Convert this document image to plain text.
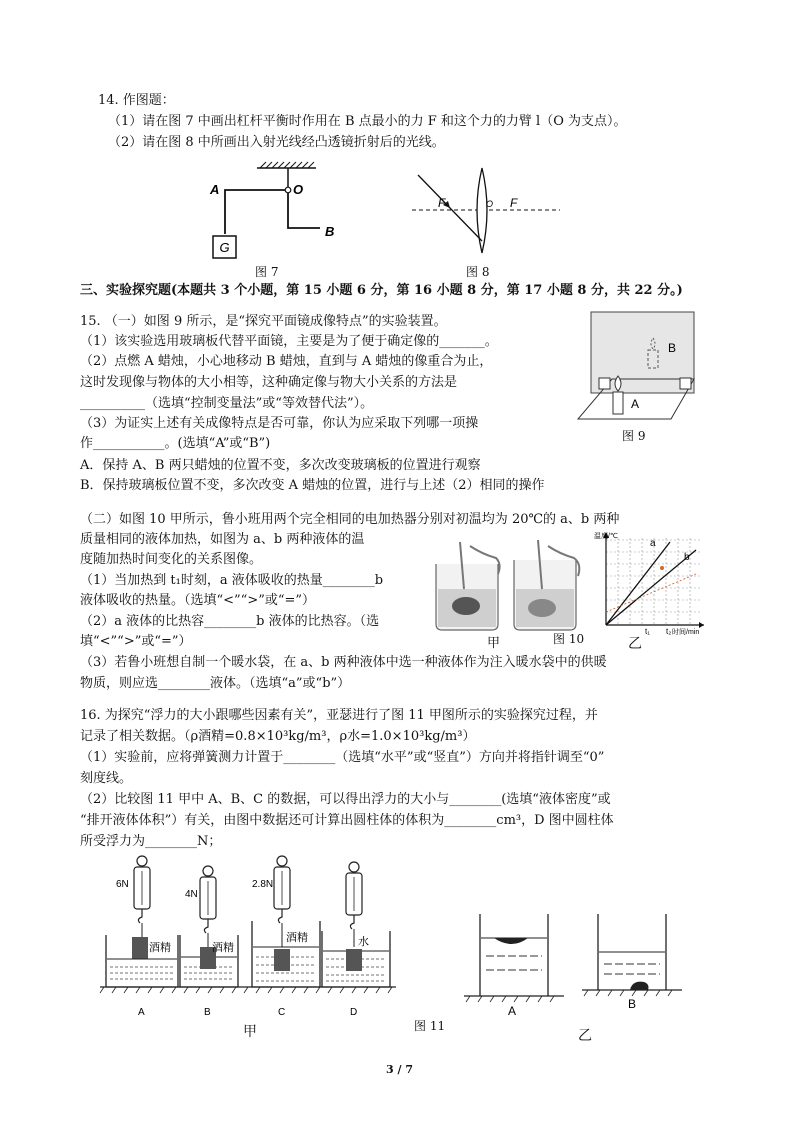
14. 作图题：
（1）请在图 7 中画出杠杆平衡时作用在 B 点最小的力 F 和这个力的力臂 l（O 为支点）。
（2）请在图 8 中所画出入射光线经凸透镜折射后的光线。
G
A	O
B
图 7
F	O F
图 8
三、实验探究题(本题共 3 个小题，第 15 小题 6 分，第 16 小题 8 分，第 17 小题 8 分，共 22 分。)
15. （一）如图 9 所示，是“探究平面镜成像特点”的实验装置。
（1）该实验选用玻璃板代替平面镜，主要是为了便于确定像的_______。
（2）点燃 A 蜡烛，小心地移动 B 蜡烛，直到与 A 蜡烛的像重合为止，
这时发现像与物体的大小相等，这种确定像与物大小关系的方法是
__________（选填“控制变量法”或“等效替代法”）。
（3）为证实上述有关成像特点是否可靠，你认为应采取下列哪一项操
作___________。(选填“A”或“B”)
A．保持 A、B 两只蜡烛的位置不变，多次改变玻璃板的位置进行观察
B．保持玻璃板位置不变，多次改变 A 蜡烛的位置，进行与上述（2）相同的操作
B
A
图 9
（二）如图 10 甲所示，鲁小班用两个完全相同的电加热器分别对初温均为 20℃的 a、b 两种
质量相同的液体加热，如图为 a、b 两种液体的温
度随加热时间变化的关系图像。
（1）当加热到 t₁时刻，a 液体吸收的热量________b
液体吸收的热量。（选填“<”“>”或“=”）
（2）a 液体的比热容________b 液体的比热容。（选
填“<”“>”或“=”）
（3）若鲁小班想自制一个暖水袋，在 a、b 两种液体中选一种液体作为注入暖水袋中的供暖
物质，则应选________液体。（选填“a”或“b”）
甲	图 10
温度/℃
时间/min
t₁ t₂
a
b
乙
16. 为探究“浮力的大小跟哪些因素有关”，亚瑟进行了图 11 甲图所示的实验探究过程，并
记录了相关数据。（ρ酒精=0.8×10³kg/m³，ρ水=1.0×10³kg/m³）
（1）实验前，应将弹簧测力计置于________（选填“水平”或“竖直”）方向并将指针调至“0”
刻度线。
（2）比较图 11 甲中 A、B、C 的数据，可以得出浮力的大小与________(选填“液体密度”或
“排开液体体积”）有关，由图中数据还可计算出圆柱体的体积为________cm³，D 图中圆柱体
所受浮力为________N；
6N
酒精
A
4N
酒精
B
2.8N
酒精
C
水
D
甲	图 11
A	B
乙
3 / 7
